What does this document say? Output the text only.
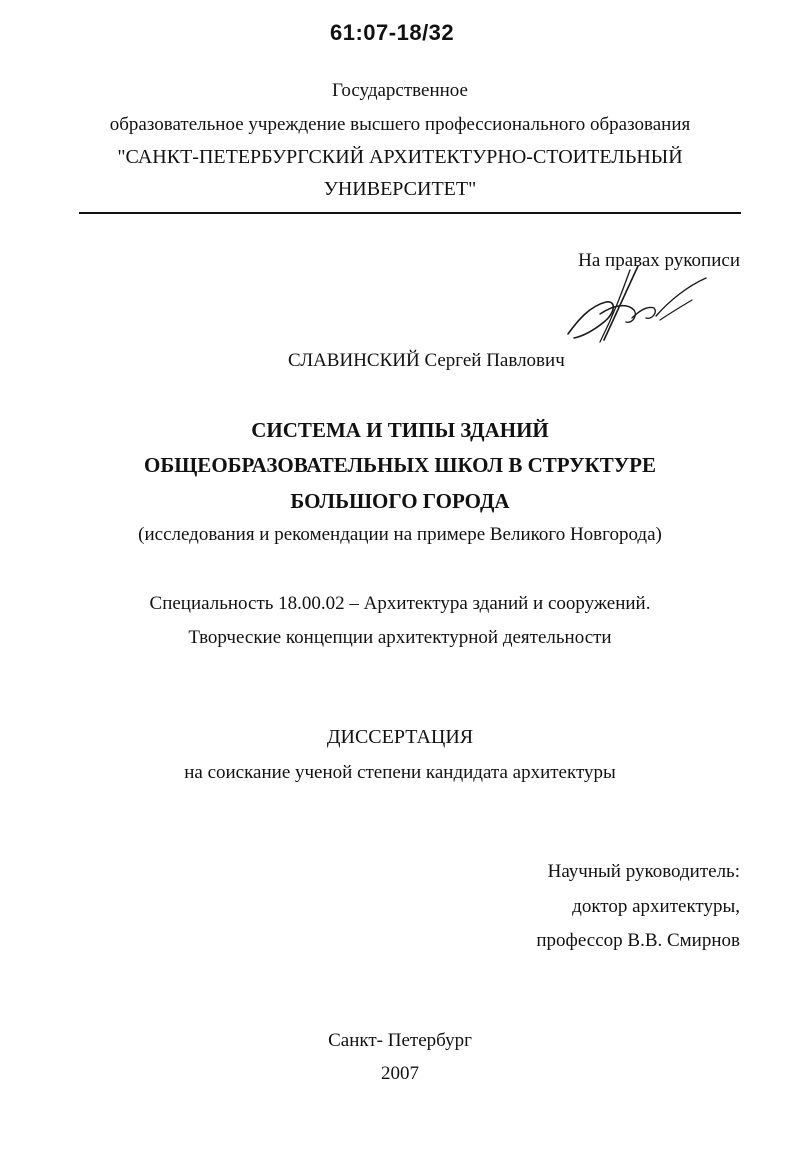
61:07-18/32
Государственное
образовательное учреждение высшего профессионального образования
"САНКТ-ПЕТЕРБУРГСКИЙ АРХИТЕКТУРНО-СТОИТЕЛЬНЫЙ
УНИВЕРСИТЕТ"
На правах рукописи
СЛАВИНСКИЙ Сергей Павлович
СИСТЕМА И ТИПЫ ЗДАНИЙ
ОБЩЕОБРАЗОВАТЕЛЬНЫХ ШКОЛ В СТРУКТУРЕ
БОЛЬШОГО ГОРОДА
(исследования и рекомендации на примере Великого Новгорода)
Специальность 18.00.02 – Архитектура зданий и сооружений.
Творческие концепции архитектурной деятельности
ДИССЕРТАЦИЯ
на соискание ученой степени кандидата архитектуры
Научный руководитель:
доктор архитектуры,
профессор В.В. Смирнов
Санкт- Петербург
2007
